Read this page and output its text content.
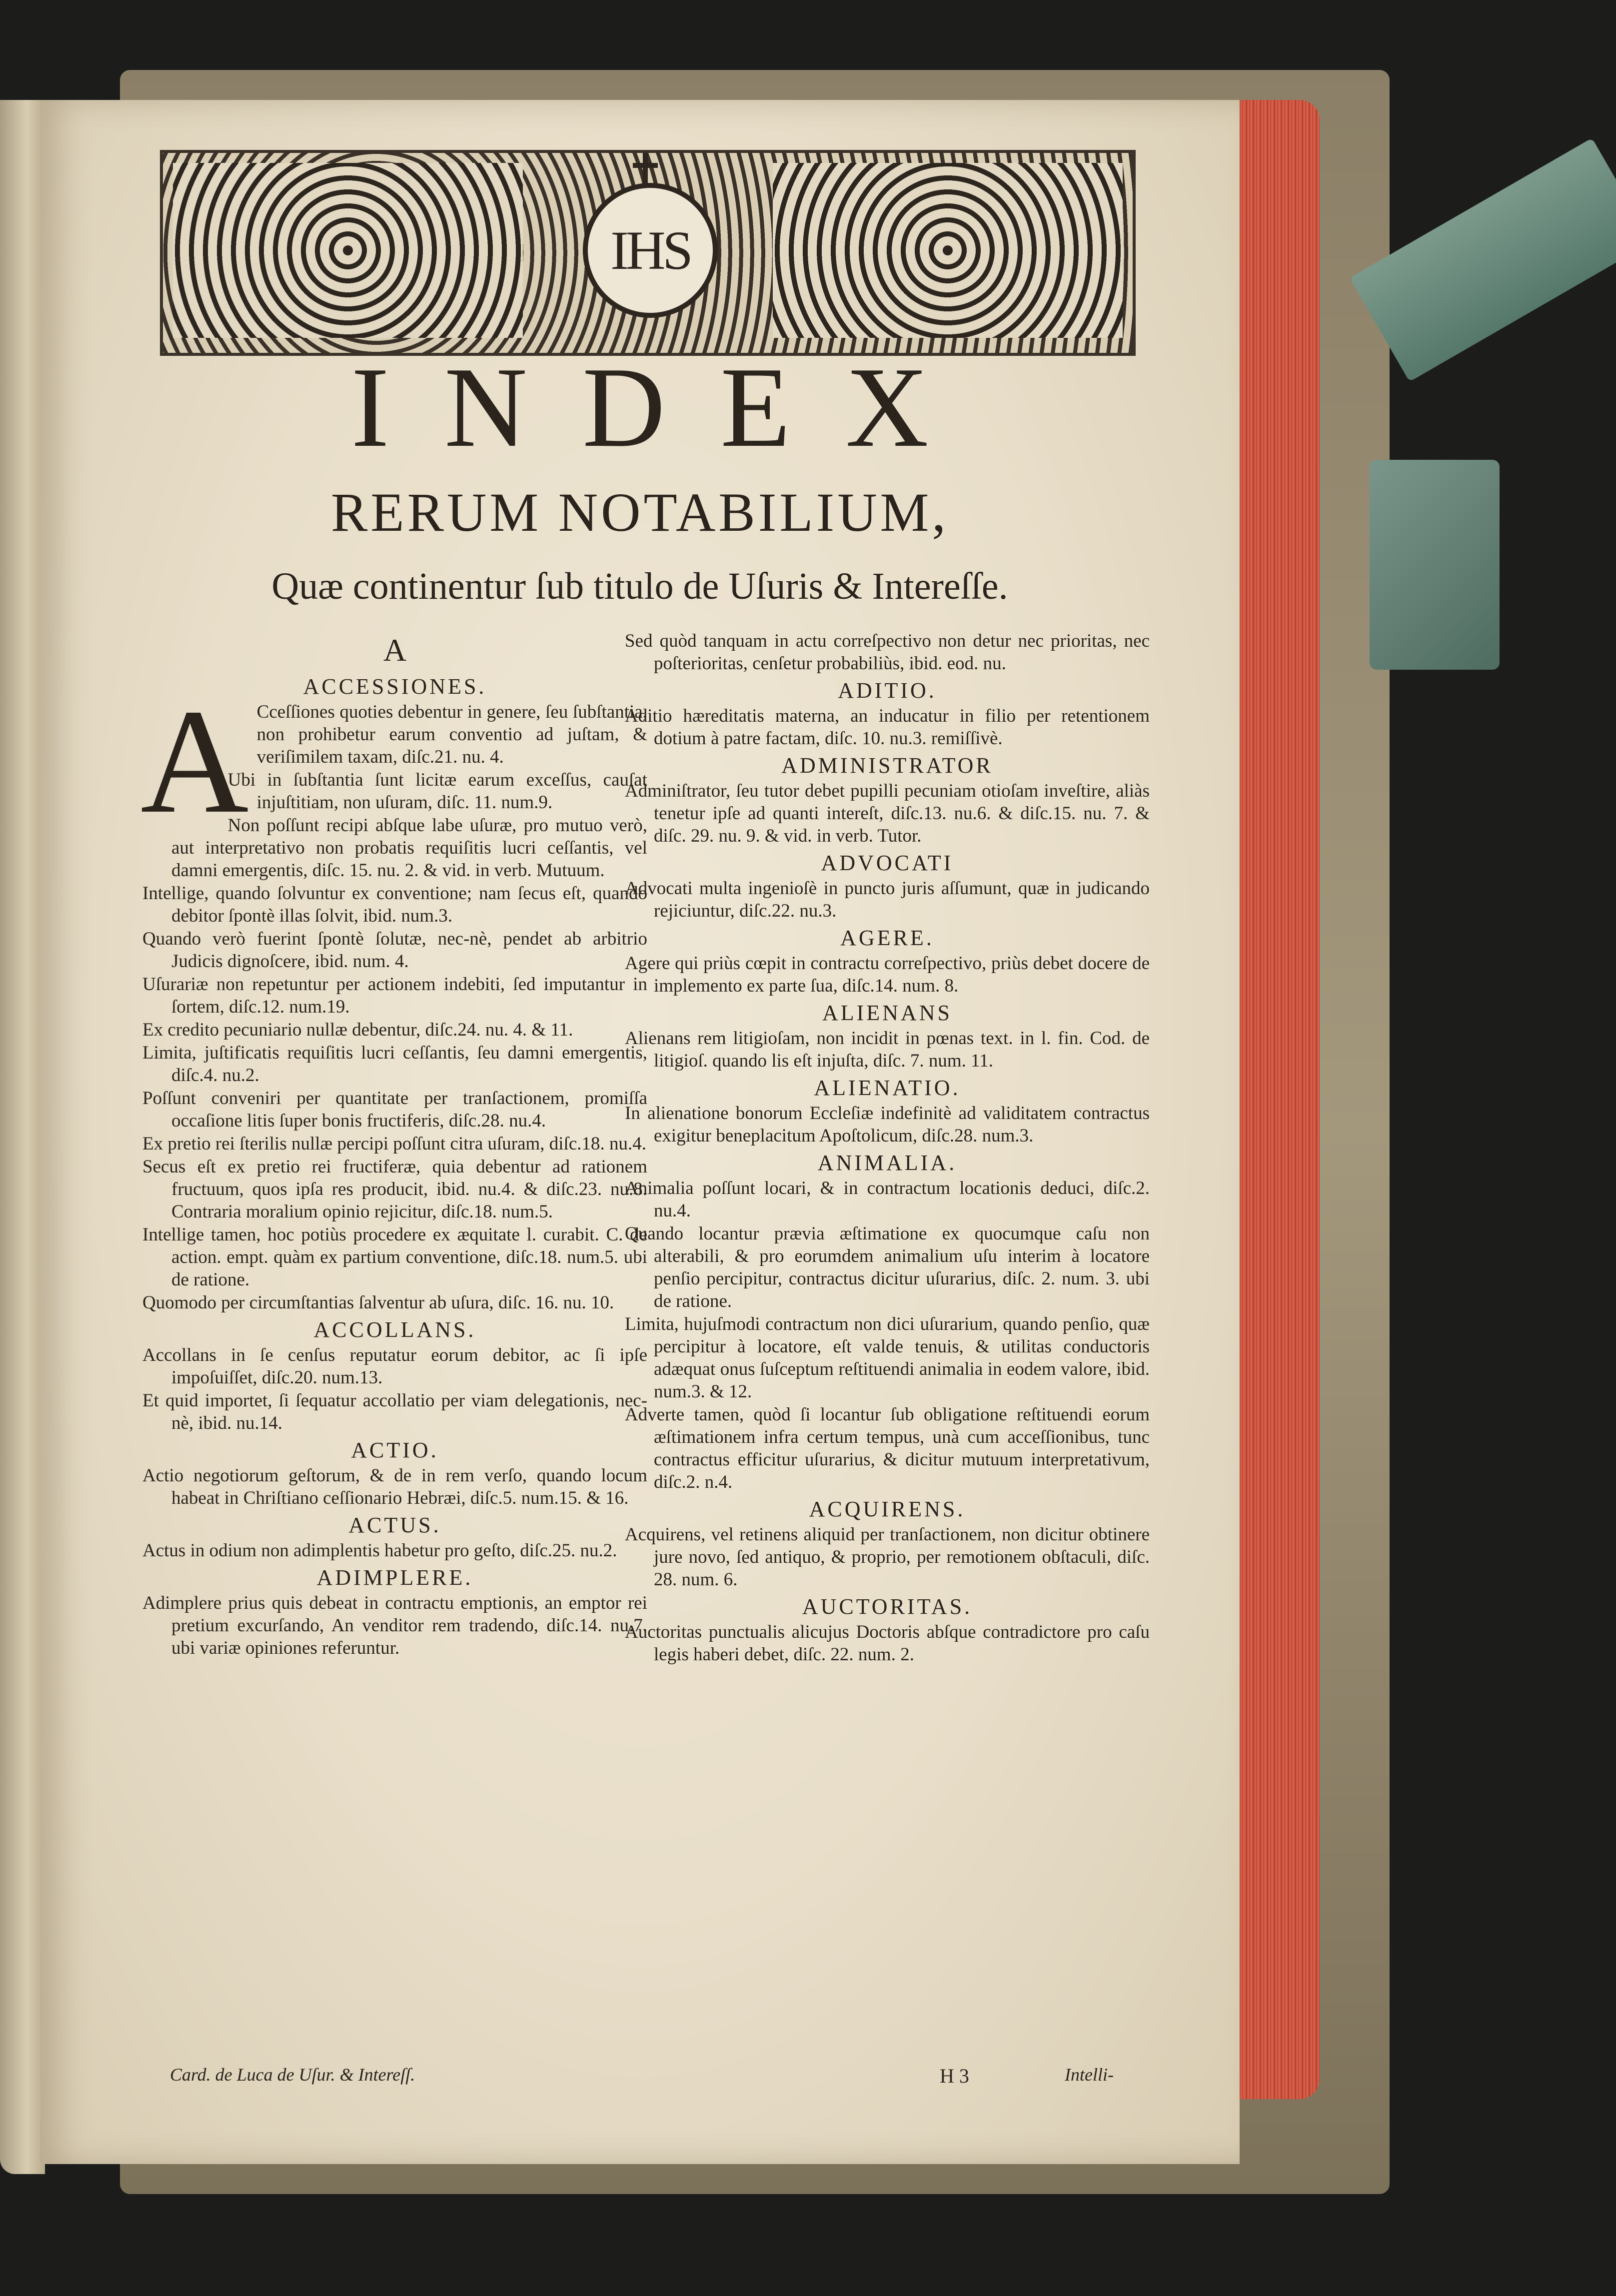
IHS
INDEX
RERUM NOTABILIUM,
Quæ continentur ſub titulo de Uſuris & Intereſſe.
A
ACCESSIONES.
A Cceſſiones quoties debentur in genere, ſeu ſubſtantia, non prohibetur earum conventio ad juſtam, & veriſimilem taxam, diſc.21. nu. 4.
Ubi in ſubſtantia ſunt licitæ earum exceſſus, cauſat injuſtitiam, non uſuram, diſc. 11. num.9.
Non poſſunt recipi abſque labe uſuræ, pro mutuo verò, aut interpretativo non probatis requiſitis lucri ceſſantis, vel damni emergentis, diſc. 15. nu. 2. & vid. in verb. Mutuum.
Intellige, quando ſolvuntur ex conventione; nam ſecus eſt, quando debitor ſpontè illas ſolvit, ibid. num.3.
Quando verò fuerint ſpontè ſolutæ, nec-nè, pendet ab arbitrio Judicis dignoſcere, ibid. num. 4.
Uſurariæ non repetuntur per actionem indebiti, ſed imputantur in ſortem, diſc.12. num.19.
Ex credito pecuniario nullæ debentur, diſc.24. nu. 4. & 11.
Limita, juſtificatis requiſitis lucri ceſſantis, ſeu damni emergentis, diſc.4. nu.2.
Poſſunt conveniri per quantitate per tranſactionem, promiſſa occaſione litis ſuper bonis fructiferis, diſc.28. nu.4.
Ex pretio rei ſterilis nullæ percipi poſſunt citra uſuram, diſc.18. nu.4.
Secus eſt ex pretio rei fructiferæ, quia debentur ad rationem fructuum, quos ipſa res producit, ibid. nu.4. & diſc.23. nu.8. Contraria moralium opinio rejicitur, diſc.18. num.5.
Intellige tamen, hoc potiùs procedere ex æquitate l. curabit. C. de action. empt. quàm ex partium conventione, diſc.18. num.5. ubi de ratione.
Quomodo per circumſtantias ſalventur ab uſura, diſc. 16. nu. 10.
ACCOLLANS.
Accollans in ſe cenſus reputatur eorum debitor, ac ſi ipſe impoſuiſſet, diſc.20. num.13.
Et quid importet, ſi ſequatur accollatio per viam delegationis, nec-nè, ibid. nu.14.
ACTIO.
Actio negotiorum geſtorum, & de in rem verſo, quando locum habeat in Chriſtiano ceſſionario Hebræi, diſc.5. num.15. & 16.
ACTUS.
Actus in odium non adimplentis habetur pro geſto, diſc.25. nu.2.
ADIMPLERE.
Adimplere prius quis debeat in contractu emptionis, an emptor rei pretium excurſando, An venditor rem tradendo, diſc.14. nu.7. ubi variæ opiniones referuntur.
Sed quòd tanquam in actu correſpectivo non detur nec prioritas, nec poſterioritas, cenſetur probabiliùs, ibid. eod. nu.
ADITIO.
Aditio hæreditatis materna, an inducatur in filio per retentionem dotium à patre factam, diſc. 10. nu.3. remiſſivè.
ADMINISTRATOR
Adminiſtrator, ſeu tutor debet pupilli pecuniam otioſam inveſtire, aliàs tenetur ipſe ad quanti intereſt, diſc.13. nu.6. & diſc.15. nu. 7. & diſc. 29. nu. 9. & vid. in verb. Tutor.
ADVOCATI
Advocati multa ingenioſè in puncto juris aſſumunt, quæ in judicando rejiciuntur, diſc.22. nu.3.
AGERE.
Agere qui priùs cœpit in contractu correſpectivo, priùs debet docere de implemento ex parte ſua, diſc.14. num. 8.
ALIENANS
Alienans rem litigioſam, non incidit in pœnas text. in l. fin. Cod. de litigioſ. quando lis eſt injuſta, diſc. 7. num. 11.
ALIENATIO.
In alienatione bonorum Eccleſiæ indefinitè ad validitatem contractus exigitur beneplacitum Apoſtolicum, diſc.28. num.3.
ANIMALIA.
Animalia poſſunt locari, & in contractum locationis deduci, diſc.2. nu.4.
Quando locantur prævia æſtimatione ex quocumque caſu non alterabili, & pro eorumdem animalium uſu interim à locatore penſio percipitur, contractus dicitur uſurarius, diſc. 2. num. 3. ubi de ratione.
Limita, hujuſmodi contractum non dici uſurarium, quando penſio, quæ percipitur à locatore, eſt valde tenuis, & utilitas conductoris adæquat onus ſuſceptum reſtituendi animalia in eodem valore, ibid. num.3. & 12.
Adverte tamen, quòd ſi locantur ſub obligatione reſtituendi eorum æſtimationem infra certum tempus, unà cum acceſſionibus, tunc contractus efficitur uſurarius, & dicitur mutuum interpretativum, diſc.2. n.4.
ACQUIRENS.
Acquirens, vel retinens aliquid per tranſactionem, non dicitur obtinere jure novo, ſed antiquo, & proprio, per remotionem obſtaculi, diſc. 28. num. 6.
AUCTORITAS.
Auctoritas punctualis alicujus Doctoris abſque contradictore pro caſu legis haberi debet, diſc. 22. num. 2.
Card. de Luca de Uſur. & Intereſſ.	H 3	Intelli-
